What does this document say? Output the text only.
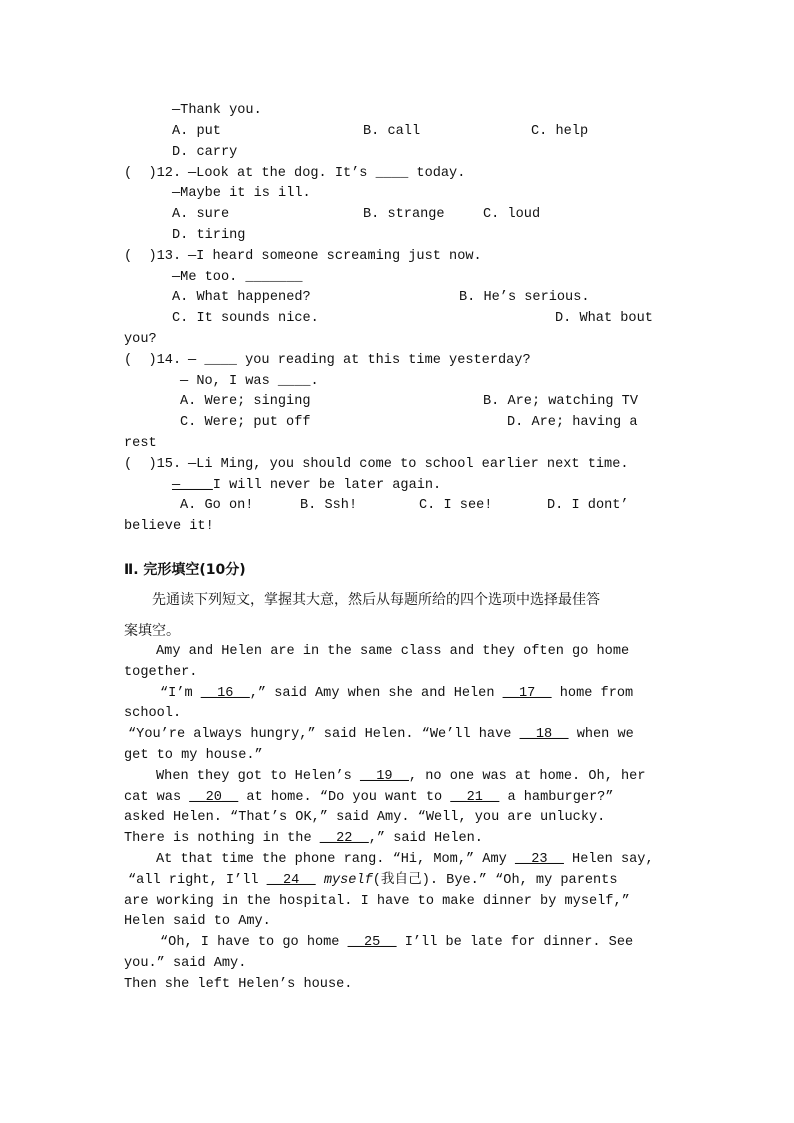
—Thank you.
A. put	B. call	C. help
D. carry
(  )12. —Look at the dog. It’s ____ today.
—Maybe it is ill.
A. sure	B. strange	C. loud
D. tiring
(  )13. —I heard someone screaming just now.
—Me too. _______
A. What happened?	B. He’s serious.
C. It sounds nice.	D. What bout
you?
(  )14. — ____ you reading at this time yesterday?
— No, I was ____.
A. Were; singing	B. Are; watching TV
C. Were; put off	D. Are; having a
rest
(  )15. —Li Ming, you should come to school earlier next time.
—____I will never be later again.
A. Go on!	B. Ssh!	C. I see!	D. I dont’
believe it!
Ⅱ. 完形填空(10分)
先通读下列短文，掌握其大意，然后从每题所给的四个选项中选择最佳答
案填空。
Amy and Helen are in the same class and they often go home
together.
“I’m __16__,” said Amy when she and Helen __17__ home from
school.
“You’re always hungry,” said Helen. “We’ll have __18__ when we
get to my house.”
When they got to Helen’s __19__, no one was at home. Oh, her
cat was __20__ at home. “Do you want to __21__ a hamburger?”
asked Helen. “That’s OK,” said Amy. “Well, you are unlucky.
There is nothing in the __22__,” said Helen.
At that time the phone rang. “Hi, Mom,” Amy __23__ Helen say,
“all right, I’ll __24__ myself(我自己). Bye.” “Oh, my parents
are working in the hospital. I have to make dinner by myself,”
Helen said to Amy.
“Oh, I have to go home __25__ I’ll be late for dinner. See
you.” said Amy.
Then she left Helen’s house.
